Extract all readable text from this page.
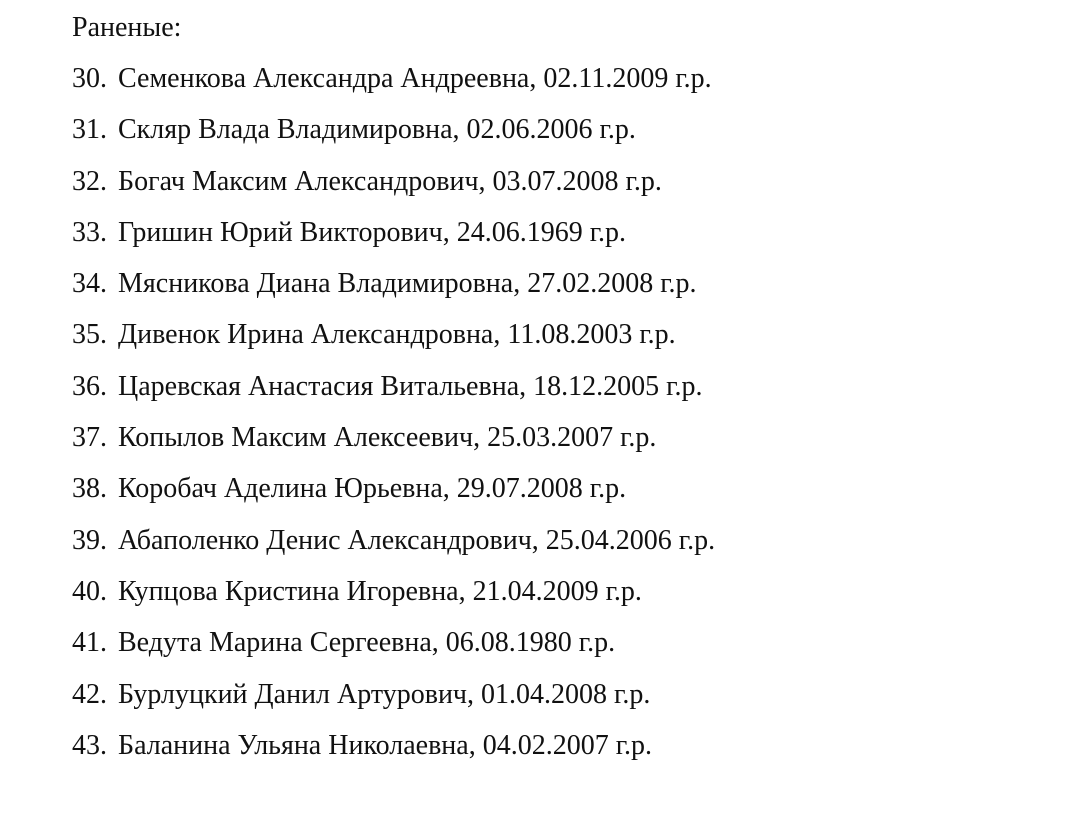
Раненые:
30. Семенкова Александра Андреевна, 02.11.2009 г.р.
31. Скляр Влада Владимировна, 02.06.2006 г.р.
32. Богач Максим Александрович, 03.07.2008 г.р.
33. Гришин Юрий Викторович, 24.06.1969 г.р.
34. Мясникова Диана Владимировна, 27.02.2008 г.р.
35. Дивенок Ирина Александровна, 11.08.2003 г.р.
36. Царевская Анастасия Витальевна, 18.12.2005 г.р.
37. Копылов Максим Алексеевич, 25.03.2007 г.р.
38. Коробач Аделина Юрьевна, 29.07.2008 г.р.
39. Абаполенко Денис Александрович, 25.04.2006 г.р.
40. Купцова Кристина Игоревна, 21.04.2009 г.р.
41. Ведута Марина Сергеевна, 06.08.1980 г.р.
42. Бурлуцкий Данил Артурович, 01.04.2008 г.р.
43. Баланина Ульяна Николаевна, 04.02.2007 г.р.
